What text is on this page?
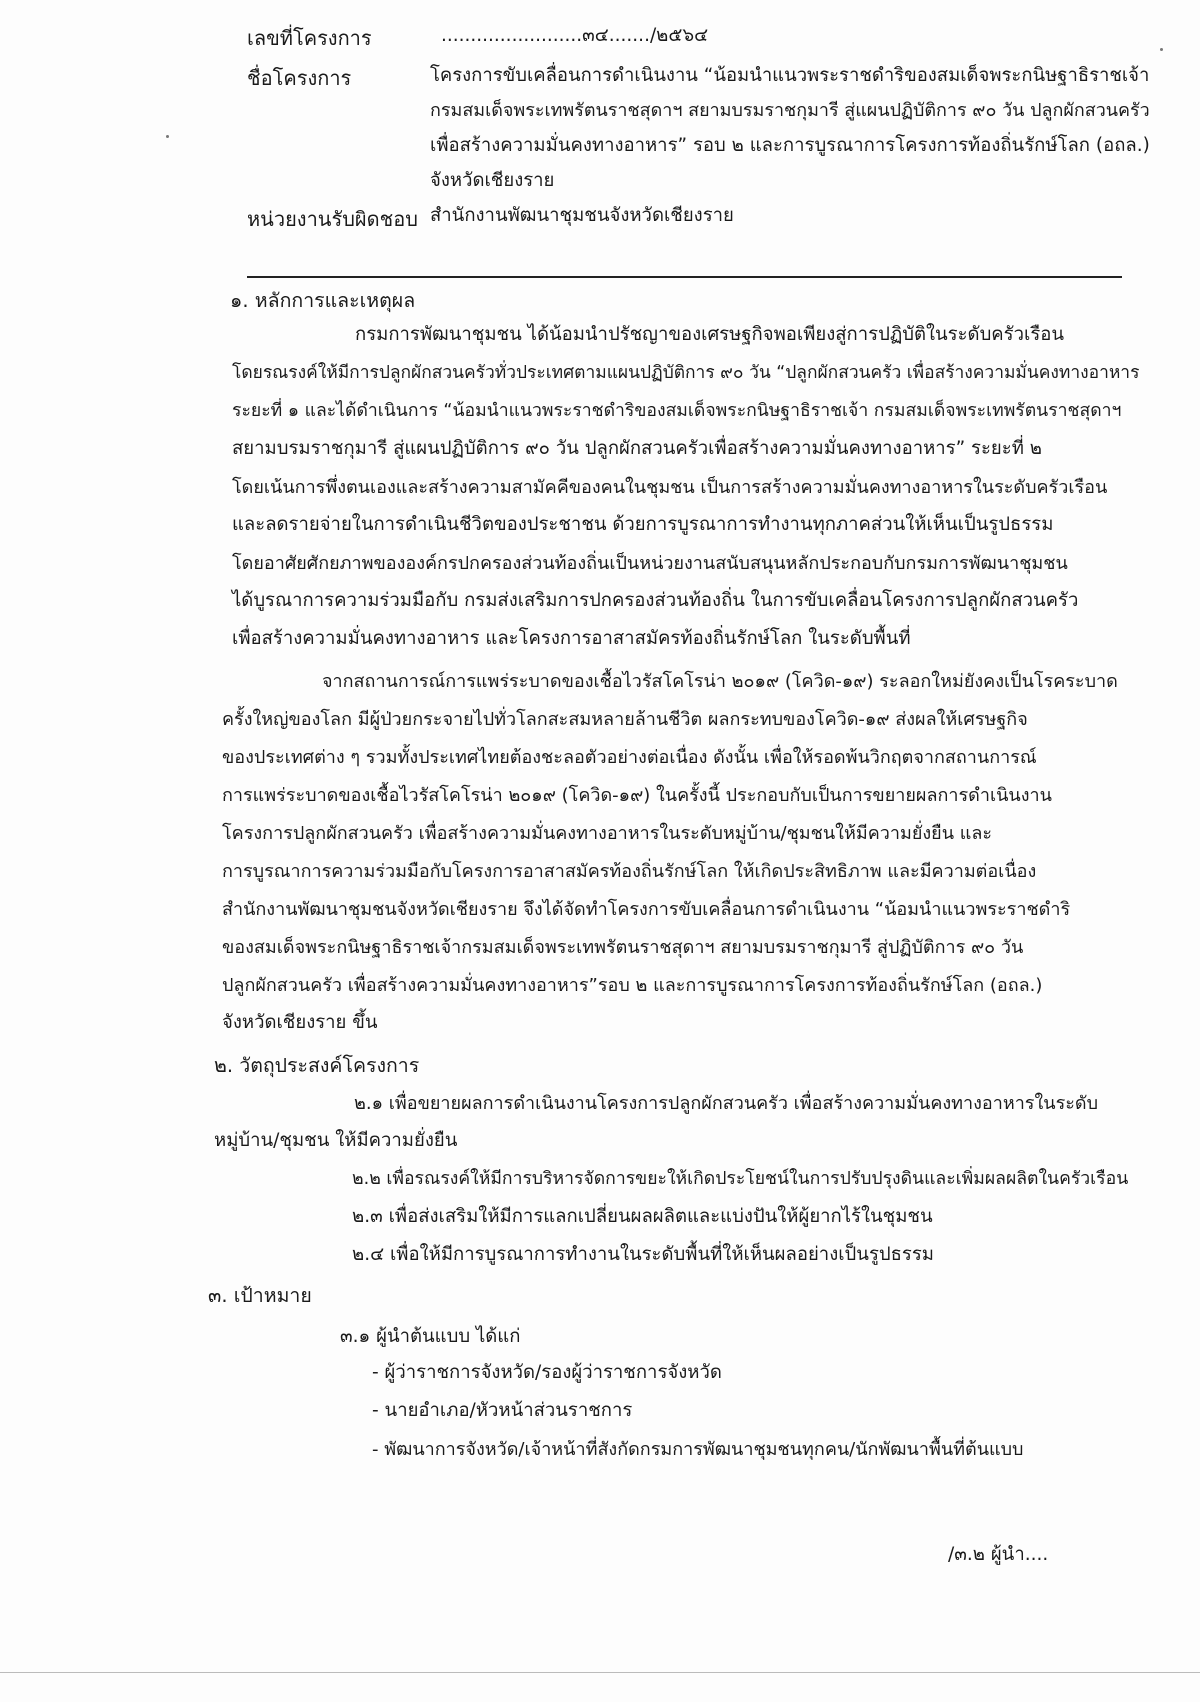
เลขที่โครงการ	........................๓๔......./๒๕๖๔
ชื่อโครงการ	โครงการขับเคลื่อนการดำเนินงาน “น้อมนำแนวพระราชดำริของสมเด็จพระกนิษฐาธิราชเจ้า
กรมสมเด็จพระเทพรัตนราชสุดาฯ สยามบรมราชกุมารี สู่แผนปฏิบัติการ ๙๐ วัน ปลูกผักสวนครัว
เพื่อสร้างความมั่นคงทางอาหาร” รอบ ๒ และการบูรณาการโครงการท้องถิ่นรักษ์โลก (อถล.)
จังหวัดเชียงราย
หน่วยงานรับผิดชอบ สำนักงานพัฒนาชุมชนจังหวัดเชียงราย
๑. หลักการและเหตุผล
กรมการพัฒนาชุมชน ได้น้อมนำปรัชญาของเศรษฐกิจพอเพียงสู่การปฏิบัติในระดับครัวเรือน
โดยรณรงค์ให้มีการปลูกผักสวนครัวทั่วประเทศตามแผนปฏิบัติการ ๙๐ วัน “ปลูกผักสวนครัว เพื่อสร้างความมั่นคงทางอาหาร
ระยะที่ ๑ และได้ดำเนินการ “น้อมนำแนวพระราชดำริของสมเด็จพระกนิษฐาธิราชเจ้า กรมสมเด็จพระเทพรัตนราชสุดาฯ
สยามบรมราชกุมารี สู่แผนปฏิบัติการ ๙๐ วัน ปลูกผักสวนครัวเพื่อสร้างความมั่นคงทางอาหาร” ระยะที่ ๒
โดยเน้นการพึ่งตนเองและสร้างความสามัคคีของคนในชุมชน เป็นการสร้างความมั่นคงทางอาหารในระดับครัวเรือน
และลดรายจ่ายในการดำเนินชีวิตของประชาชน ด้วยการบูรณาการทำงานทุกภาคส่วนให้เห็นเป็นรูปธรรม
โดยอาศัยศักยภาพขององค์กรปกครองส่วนท้องถิ่นเป็นหน่วยงานสนับสนุนหลักประกอบกับกรมการพัฒนาชุมชน
ได้บูรณาการความร่วมมือกับ กรมส่งเสริมการปกครองส่วนท้องถิ่น ในการขับเคลื่อนโครงการปลูกผักสวนครัว
เพื่อสร้างความมั่นคงทางอาหาร และโครงการอาสาสมัครท้องถิ่นรักษ์โลก ในระดับพื้นที่
จากสถานการณ์การแพร่ระบาดของเชื้อไวรัสโคโรน่า ๒๐๑๙ (โควิด-๑๙) ระลอกใหม่ยังคงเป็นโรคระบาด
ครั้งใหญ่ของโลก มีผู้ป่วยกระจายไปทั่วโลกสะสมหลายล้านชีวิต ผลกระทบของโควิด-๑๙ ส่งผลให้เศรษฐกิจ
ของประเทศต่าง ๆ รวมทั้งประเทศไทยต้องชะลอตัวอย่างต่อเนื่อง ดังนั้น เพื่อให้รอดพ้นวิกฤตจากสถานการณ์
การแพร่ระบาดของเชื้อไวรัสโคโรน่า ๒๐๑๙ (โควิด-๑๙) ในครั้งนี้ ประกอบกับเป็นการขยายผลการดำเนินงาน
โครงการปลูกผักสวนครัว เพื่อสร้างความมั่นคงทางอาหารในระดับหมู่บ้าน/ชุมชนให้มีความยั่งยืน และ
การบูรณาการความร่วมมือกับโครงการอาสาสมัครท้องถิ่นรักษ์โลก ให้เกิดประสิทธิภาพ และมีความต่อเนื่อง
สำนักงานพัฒนาชุมชนจังหวัดเชียงราย จึงได้จัดทำโครงการขับเคลื่อนการดำเนินงาน “น้อมนำแนวพระราชดำริ
ของสมเด็จพระกนิษฐาธิราชเจ้ากรมสมเด็จพระเทพรัตนราชสุดาฯ สยามบรมราชกุมารี สู่ปฏิบัติการ ๙๐ วัน
ปลูกผักสวนครัว เพื่อสร้างความมั่นคงทางอาหาร”รอบ ๒ และการบูรณาการโครงการท้องถิ่นรักษ์โลก (อถล.)
จังหวัดเชียงราย ขึ้น
๒. วัตถุประสงค์โครงการ
๒.๑ เพื่อขยายผลการดำเนินงานโครงการปลูกผักสวนครัว เพื่อสร้างความมั่นคงทางอาหารในระดับ
หมู่บ้าน/ชุมชน ให้มีความยั่งยืน
๒.๒ เพื่อรณรงค์ให้มีการบริหารจัดการขยะให้เกิดประโยชน์ในการปรับปรุงดินและเพิ่มผลผลิตในครัวเรือน
๒.๓ เพื่อส่งเสริมให้มีการแลกเปลี่ยนผลผลิตและแบ่งปันให้ผู้ยากไร้ในชุมชน
๒.๔ เพื่อให้มีการบูรณาการทำงานในระดับพื้นที่ให้เห็นผลอย่างเป็นรูปธรรม
๓. เป้าหมาย
๓.๑ ผู้นำต้นแบบ ได้แก่
- ผู้ว่าราชการจังหวัด/รองผู้ว่าราชการจังหวัด
- นายอำเภอ/หัวหน้าส่วนราชการ
- พัฒนาการจังหวัด/เจ้าหน้าที่สังกัดกรมการพัฒนาชุมชนทุกคน/นักพัฒนาพื้นที่ต้นแบบ
/๓.๒ ผู้นำ....
